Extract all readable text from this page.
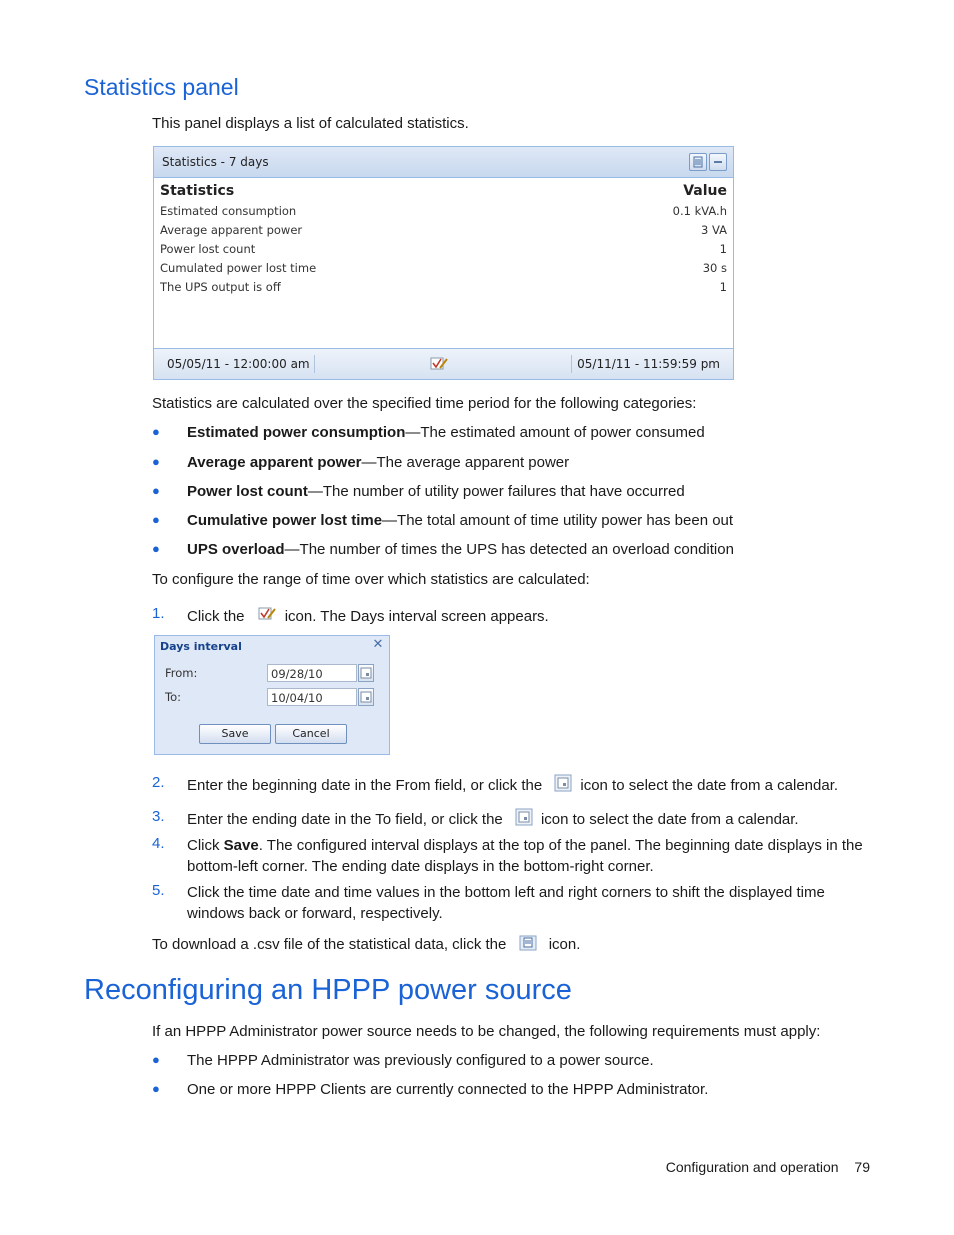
Statistics panel
This panel displays a list of calculated statistics.
Statistics - 7 days
Statistics	Value
Estimated consumption	0.1 kVA.h
Average apparent power	3 VA
Power lost count	1
Cumulated power lost time	30 s
The UPS output is off	1
05/05/11 - 12:00:00 am	05/11/11 - 11:59:59 pm
Statistics are calculated over the specified time period for the following categories:
● Estimated power consumption—The estimated amount of power consumed
● Average apparent power—The average apparent power
● Power lost count—The number of utility power failures that have occurred
● Cumulative power lost time—The total amount of time utility power has been out
● UPS overload—The number of times the UPS has detected an overload condition
To configure the range of time over which statistics are calculated:
1. Click the	icon. The Days interval screen appears.
Days interval	✕
From:	09/28/10
To:	10/04/10
Save	Cancel
2. Enter the beginning date in the From field, or click the	icon to select the date from a calendar.
3. Enter the ending date in the To field, or click the	icon to select the date from a calendar.
4. Click Save. The configured interval displays at the top of the panel. The beginning date displays in the bottom-left corner. The ending date displays in the bottom-right corner.
5. Click the time date and time values in the bottom left and right corners to shift the displayed time windows back or forward, respectively.
To download a .csv file of the statistical data, click the	icon.
Reconfiguring an HPPP power source
If an HPPP Administrator power source needs to be changed, the following requirements must apply:
● The HPPP Administrator was previously configured to a power source.
● One or more HPPP Clients are currently connected to the HPPP Administrator.
Configuration and operation 79
